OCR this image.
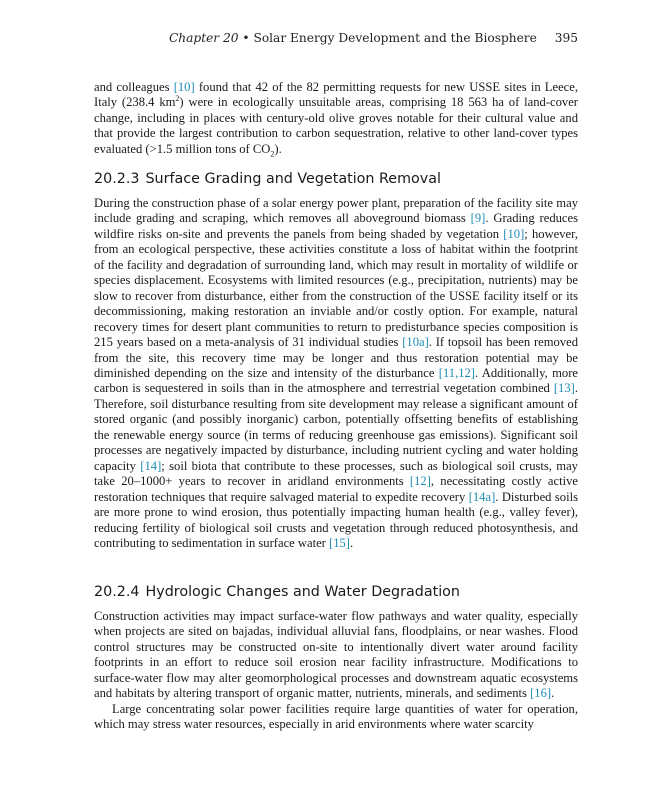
Chapter 20 • Solar Energy Development and the Biosphere 395

and colleagues [10] found that 42 of the 82 permitting requests for new USSE sites in Leece, Italy (238.4 $km^2$) were in ecologically unsuitable areas, comprising 18 563 ha of land-cover change, including in places with century-old olive groves notable for their cultural value and that provide the largest contribution to carbon sequestration, relative to other land-cover types evaluated (>1.5 million tons of $CO_2$).

20.2.3 Surface Grading and Vegetation Removal

During the construction phase of a solar energy power plant, preparation of the facility site may include grading and scraping, which removes all aboveground biomass [9]. Grading reduces wildfire risks on-site and prevents the panels from being shaded by vegetation [10]; however, from an ecological perspective, these activities constitute a loss of habitat within the footprint of the facility and degradation of surrounding land, which may result in mortality of wildlife or species displacement. Ecosystems with limited resources (e.g., precipitation, nutrients) may be slow to recover from disturbance, either from the construction of the USSE facility itself or its decommissioning, making restoration an inviable and/or costly option. For example, natural recovery times for desert plant communities to return to predisturbance species composition is 215 years based on a meta-analysis of 31 individual studies [10a]. If topsoil has been removed from the site, this recovery time may be longer and thus restoration potential may be diminished depending on the size and intensity of the disturbance [11,12]. Additionally, more carbon is sequestered in soils than in the atmosphere and terrestrial vegetation combined [13]. Therefore, soil disturbance resulting from site development may release a significant amount of stored organic (and possibly inorganic) carbon, potentially offsetting benefits of establishing the renewable energy source (in terms of reducing greenhouse gas emissions). Significant soil processes are negatively impacted by disturbance, including nutrient cycling and water holding capacity [14]; soil biota that contribute to these processes, such as biological soil crusts, may take 20–1000+ years to recover in aridland environments [12], necessitating costly active restoration techniques that require salvaged material to expedite recovery [14a]. Disturbed soils are more prone to wind erosion, thus potentially impacting human health (e.g., valley fever), reducing fertility of biological soil crusts and vegetation through reduced photosynthesis, and contributing to sedimentation in surface water [15].

20.2.4 Hydrologic Changes and Water Degradation

Construction activities may impact surface-water flow pathways and water quality, especially when projects are sited on bajadas, individual alluvial fans, floodplains, or near washes. Flood control structures may be constructed on-site to intentionally divert water around facility footprints in an effort to reduce soil erosion near facility infrastructure. Modifications to surface-water flow may alter geomorphological processes and downstream aquatic ecosystems and habitats by altering transport of organic matter, nutrients, minerals, and sediments [16].

Large concentrating solar power facilities require large quantities of water for operation, which may stress water resources, especially in arid environments where water scarcity
